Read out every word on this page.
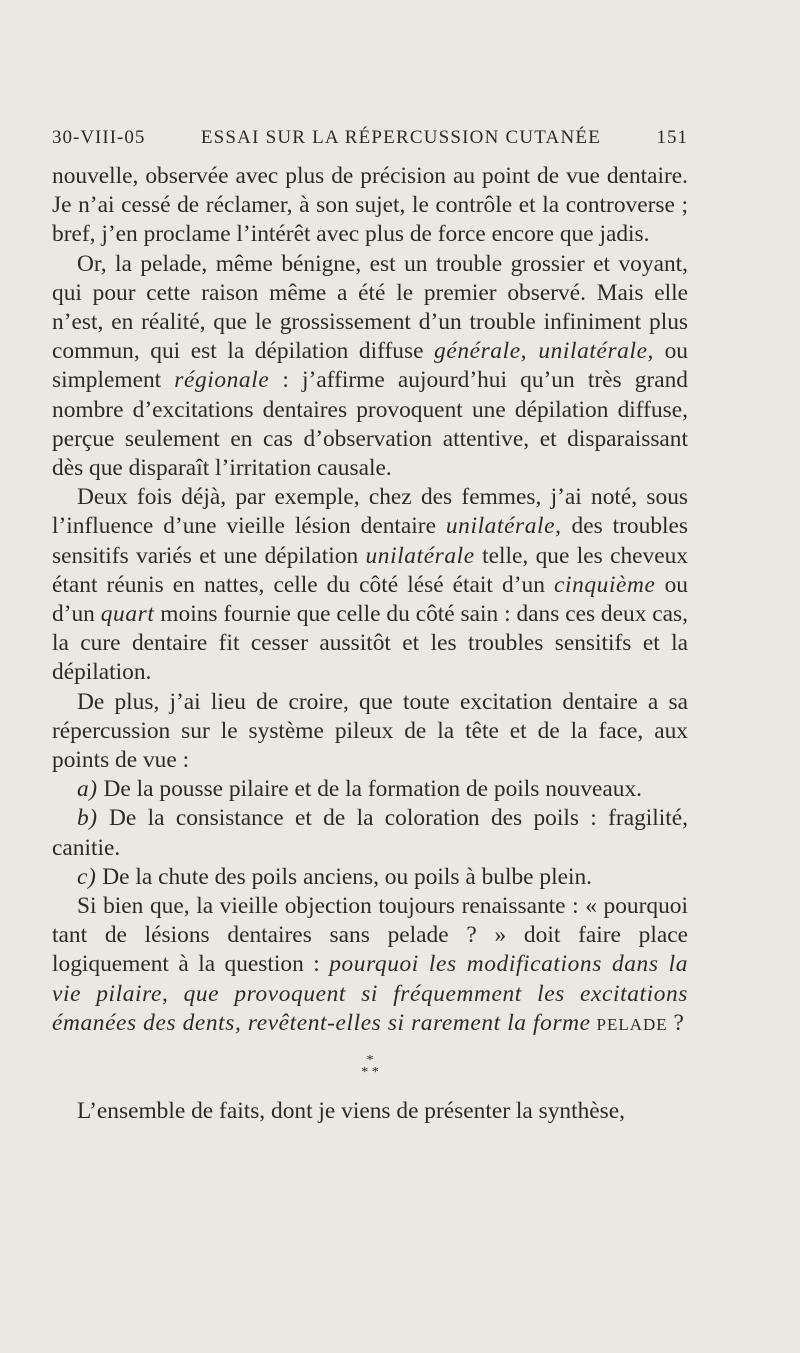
30-VIII-05	ESSAI SUR LA RÉPERCUSSION CUTANÉE	151

nouvelle, observée avec plus de précision au point de vue dentaire. Je n’ai cessé de réclamer, à son sujet, le contrôle et la controverse ; bref, j’en proclame l’intérêt avec plus de force encore que jadis.

Or, la pelade, même bénigne, est un trouble grossier et voyant, qui pour cette raison même a été le premier observé. Mais elle n’est, en réalité, que le grossissement d’un trouble infiniment plus commun, qui est la dépilation diffuse générale, unilatérale, ou simplement régionale : j’affirme aujourd’hui qu’un très grand nombre d’excitations dentaires provoquent une dépilation diffuse, perçue seulement en cas d’observation attentive, et disparaissant dès que disparaît l’irritation causale.

Deux fois déjà, par exemple, chez des femmes, j’ai noté, sous l’influence d’une vieille lésion dentaire unilatérale, des troubles sensitifs variés et une dépilation unilatérale telle, que les cheveux étant réunis en nattes, celle du côté lésé était d’un cinquième ou d’un quart moins fournie que celle du côté sain : dans ces deux cas, la cure dentaire fit cesser aussitôt et les troubles sensitifs et la dépilation.

De plus, j’ai lieu de croire, que toute excitation dentaire a sa répercussion sur le système pileux de la tête et de la face, aux points de vue :

a) De la pousse pilaire et de la formation de poils nouveaux.

b) De la consistance et de la coloration des poils : fragilité, canitie.

c) De la chute des poils anciens, ou poils à bulbe plein.

Si bien que, la vieille objection toujours renaissante : « pourquoi tant de lésions dentaires sans pelade ? » doit faire place logiquement à la question : pourquoi les modifications dans la vie pilaire, que provoquent si fréquemment les excitations émanées des dents, revêtent-elles si rarement la forme PELADE ?

*
* *

L’ensemble de faits, dont je viens de présenter la synthèse,
